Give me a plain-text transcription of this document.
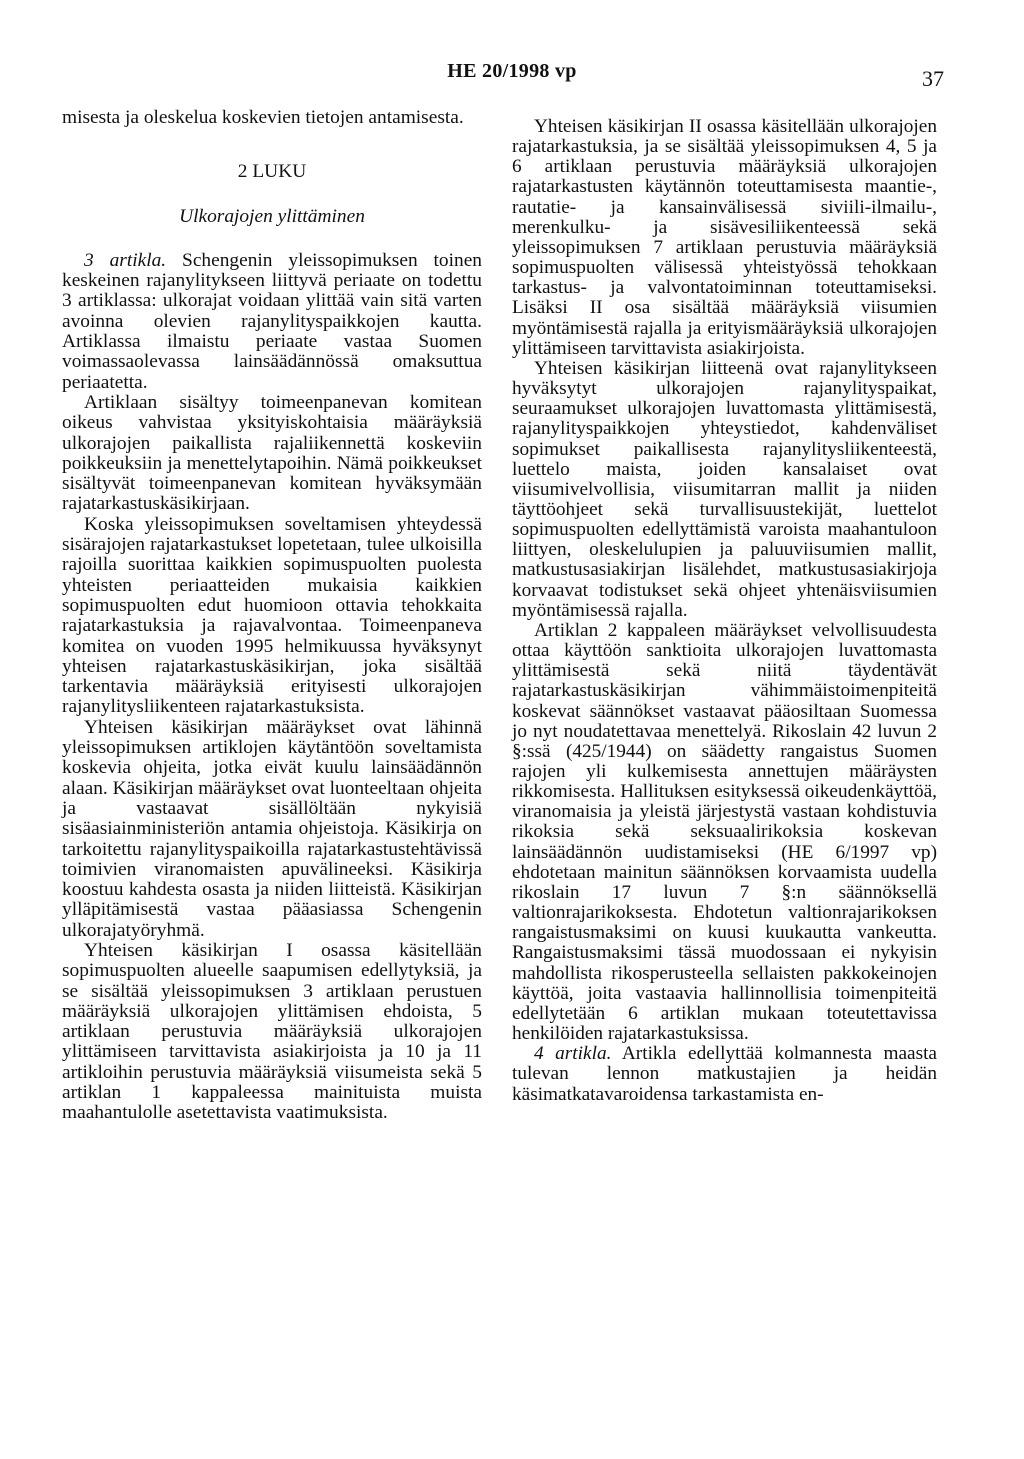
HE 20/1998 vp	37

misesta ja oleskelua koskevien tietojen antamisesta.

2 LUKU

Ulkorajojen ylittäminen

3 artikla. Schengenin yleissopimuksen toinen keskeinen rajanylitykseen liittyvä periaate on todettu 3 artiklassa: ulkorajat voidaan ylittää vain sitä varten avoinna olevien rajanylityspaikkojen kautta. Artiklassa ilmaistu periaate vastaa Suomen voimassaolevassa lainsäädännössä omaksuttua periaatetta.

Artiklaan sisältyy toimeenpanevan komitean oikeus vahvistaa yksityiskohtaisia määräyksiä ulkorajojen paikallista rajaliikennettä koskeviin poikkeuksiin ja menettelytapoihin. Nämä poikkeukset sisältyvät toimeenpanevan komitean hyväksymään rajatarkastuskäsikirjaan.

Koska yleissopimuksen soveltamisen yhteydessä sisärajojen rajatarkastukset lopetetaan, tulee ulkoisilla rajoilla suorittaa kaikkien sopimuspuolten puolesta yhteisten periaatteiden mukaisia kaikkien sopimuspuolten edut huomioon ottavia tehokkaita rajatarkastuksia ja rajavalvontaa. Toimeenpaneva komitea on vuoden 1995 helmikuussa hyväksynyt yhteisen rajatarkastuskäsikirjan, joka sisältää tarkentavia määräyksiä erityisesti ulkorajojen rajanylitysliikenteen rajatarkastuksista.

Yhteisen käsikirjan määräykset ovat lähinnä yleissopimuksen artiklojen käytäntöön soveltamista koskevia ohjeita, jotka eivät kuulu lainsäädännön alaan. Käsikirjan määräykset ovat luonteeltaan ohjeita ja vastaavat sisällöltään nykyisiä sisäasiainministeriön antamia ohjeistoja. Käsikirja on tarkoitettu rajanylityspaikoilla rajatarkastustehtävissä toimivien viranomaisten apuvälineeksi. Käsikirja koostuu kahdesta osasta ja niiden liitteistä. Käsikirjan ylläpitämisestä vastaa pääasiassa Schengenin ulkorajatyöryhmä.

Yhteisen käsikirjan I osassa käsitellään sopimuspuolten alueelle saapumisen edellytyksiä, ja se sisältää yleissopimuksen 3 artiklaan perustuen määräyksiä ulkorajojen ylittämisen ehdoista, 5 artiklaan perustuvia määräyksiä ulkorajojen ylittämiseen tarvittavista asiakirjoista ja 10 ja 11 artikloihin perustuvia määräyksiä viisumeista sekä 5 artiklan 1 kappaleessa mainituista muista maahantulolle asetettavista vaatimuksista.

Yhteisen käsikirjan II osassa käsitellään ulkorajojen rajatarkastuksia, ja se sisältää yleissopimuksen 4, 5 ja 6 artiklaan perustuvia määräyksiä ulkorajojen rajatarkastusten käytännön toteuttamisesta maantie-, rautatie- ja kansainvälisessä siviili-ilmailu-, merenkulku- ja sisävesiliikenteessä sekä yleissopimuksen 7 artiklaan perustuvia määräyksiä sopimuspuolten välisessä yhteistyössä tehokkaan tarkastus- ja valvontatoiminnan toteuttamiseksi. Lisäksi II osa sisältää määräyksiä viisumien myöntämisestä rajalla ja erityismääräyksiä ulkorajojen ylittämiseen tarvittavista asiakirjoista.

Yhteisen käsikirjan liitteenä ovat rajanylitykseen hyväksytyt ulkorajojen rajanylityspaikat, seuraamukset ulkorajojen luvattomasta ylittämisestä, rajanylityspaikkojen yhteystiedot, kahdenväliset sopimukset paikallisesta rajanylitysliikenteestä, luettelo maista, joiden kansalaiset ovat viisumivelvollisia, viisumitarran mallit ja niiden täyttöohjeet sekä turvallisuustekijät, luettelot sopimuspuolten edellyttämistä varoista maahantuloon liittyen, oleskelulupien ja paluuviisumien mallit, matkustusasiakirjan lisälehdet, matkustusasiakirjoja korvaavat todistukset sekä ohjeet yhtenäisviisumien myöntämisessä rajalla.

Artiklan 2 kappaleen määräykset velvollisuudesta ottaa käyttöön sanktioita ulkorajojen luvattomasta ylittämisestä sekä niitä täydentävät rajatarkastuskäsikirjan vähimmäistoimenpiteitä koskevat säännökset vastaavat pääosiltaan Suomessa jo nyt noudatettavaa menettelyä. Rikoslain 42 luvun 2 §:ssä (425/1944) on säädetty rangaistus Suomen rajojen yli kulkemisesta annettujen määräysten rikkomisesta. Hallituksen esityksessä oikeudenkäyttöä, viranomaisia ja yleistä järjestystä vastaan kohdistuvia rikoksia sekä seksuaalirikoksia koskevan lainsäädännön uudistamiseksi (HE 6/1997 vp) ehdotetaan mainitun säännöksen korvaamista uudella rikoslain 17 luvun 7 §:n säännöksellä valtionrajarikoksesta. Ehdotetun valtionrajarikoksen rangaistusmaksimi on kuusi kuukautta vankeutta. Rangaistusmaksimi tässä muodossaan ei nykyisin mahdollista rikosperusteella sellaisten pakkokeinojen käyttöä, joita vastaavia hallinnollisia toimenpiteitä edellytetään 6 artiklan mukaan toteutettavissa henkilöiden rajatarkastuksissa.

4 artikla. Artikla edellyttää kolmannesta maasta tulevan lennon matkustajien ja heidän käsimatkatavaroidensa tarkastamista en-
